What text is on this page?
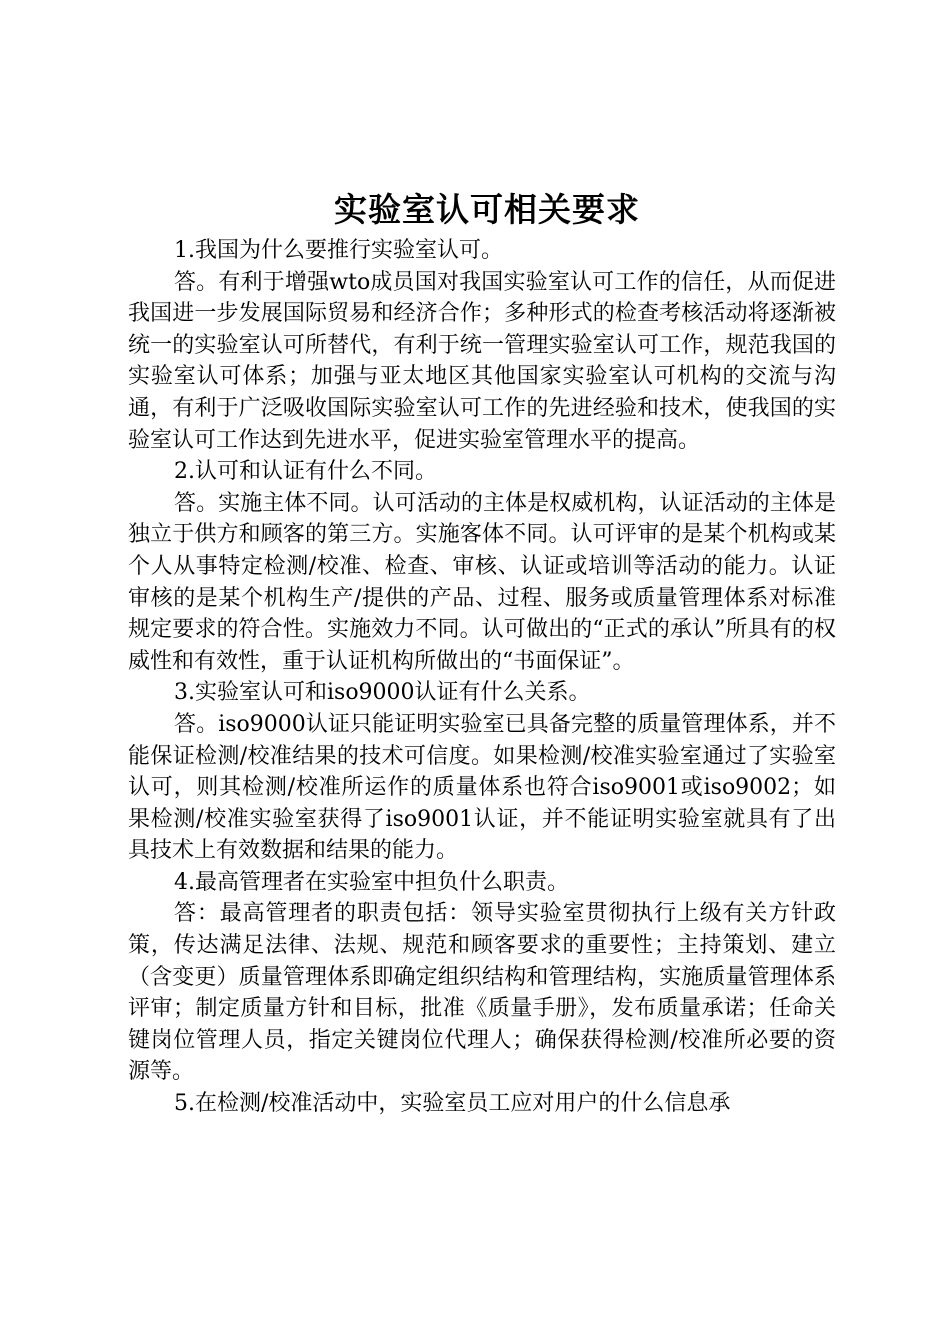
实验室认可相关要求

1.我国为什么要推行实验室认可。

答。有利于增强wto成员国对我国实验室认可工作的信任，从而促进我国进一步发展国际贸易和经济合作；多种形式的检查考核活动将逐渐被统一的实验室认可所替代，有利于统一管理实验室认可工作，规范我国的实验室认可体系；加强与亚太地区其他国家实验室认可机构的交流与沟通，有利于广泛吸收国际实验室认可工作的先进经验和技术，使我国的实验室认可工作达到先进水平，促进实验室管理水平的提高。

2.认可和认证有什么不同。

答。实施主体不同。认可活动的主体是权威机构，认证活动的主体是独立于供方和顾客的第三方。实施客体不同。认可评审的是某个机构或某个人从事特定检测/校准、检查、审核、认证或培训等活动的能力。认证审核的是某个机构生产/提供的产品、过程、服务或质量管理体系对标准规定要求的符合性。实施效力不同。认可做出的“正式的承认”所具有的权威性和有效性，重于认证机构所做出的“书面保证”。

3.实验室认可和iso9000认证有什么关系。

答。iso9000认证只能证明实验室已具备完整的质量管理体系，并不能保证检测/校准结果的技术可信度。如果检测/校准实验室通过了实验室认可，则其检测/校准所运作的质量体系也符合iso9001或iso9002；如果检测/校准实验室获得了iso9001认证，并不能证明实验室就具有了出具技术上有效数据和结果的能力。

4.最高管理者在实验室中担负什么职责。

答：最高管理者的职责包括：领导实验室贯彻执行上级有关方针政策，传达满足法律、法规、规范和顾客要求的重要性；主持策划、建立（含变更）质量管理体系即确定组织结构和管理结构，实施质量管理体系评审；制定质量方针和目标，批准《质量手册》，发布质量承诺；任命关键岗位管理人员，指定关键岗位代理人；确保获得检测/校准所必要的资源等。

5.在检测/校准活动中，实验室员工应对用户的什么信息承
